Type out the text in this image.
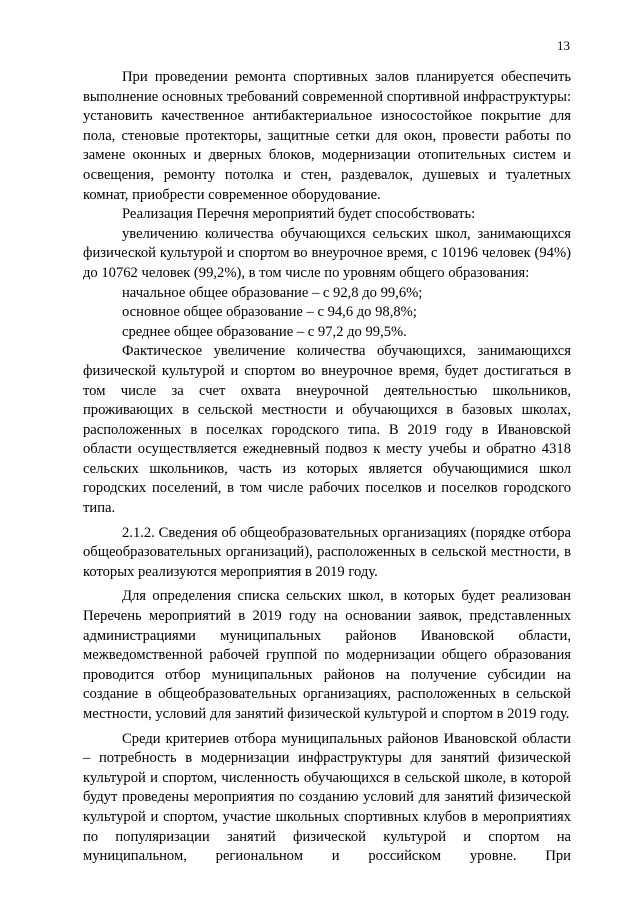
13

При проведении ремонта спортивных залов планируется обеспечить выполнение основных требований современной спортивной инфраструктуры: установить качественное антибактериальное износостойкое покрытие для пола, стеновые протекторы, защитные сетки для окон, провести работы по замене оконных и дверных блоков, модернизации отопительных систем и освещения, ремонту потолка и стен, раздевалок, душевых и туалетных комнат, приобрести современное оборудование.

Реализация Перечня мероприятий будет способствовать:

увеличению количества обучающихся сельских школ, занимающихся физической культурой и спортом во внеурочное время, с 10196 человек (94%) до 10762 человек (99,2%), в том числе по уровням общего образования:

начальное общее образование – с 92,8 до 99,6%;

основное общее образование – с 94,6 до 98,8%;

среднее общее образование – с 97,2 до 99,5%.

Фактическое увеличение количества обучающихся, занимающихся физической культурой и спортом во внеурочное время, будет достигаться в том числе за счет охвата внеурочной деятельностью школьников, проживающих в сельской местности и обучающихся в базовых школах, расположенных в поселках городского типа. В 2019 году в Ивановской области осуществляется ежедневный подвоз к месту учебы и обратно 4318 сельских школьников, часть из которых является обучающимися школ городских поселений, в том числе рабочих поселков и поселков городского типа.

2.1.2. Сведения об общеобразовательных организациях (порядке отбора общеобразовательных организаций), расположенных в сельской местности, в которых реализуются мероприятия в 2019 году.

Для определения списка сельских школ, в которых будет реализован Перечень мероприятий в 2019 году на основании заявок, представленных администрациями муниципальных районов Ивановской области, межведомственной рабочей группой по модернизации общего образования проводится отбор муниципальных районов на получение субсидии на создание в общеобразовательных организациях, расположенных в сельской местности, условий для занятий физической культурой и спортом в 2019 году.

Среди критериев отбора муниципальных районов Ивановской области – потребность в модернизации инфраструктуры для занятий физической культурой и спортом, численность обучающихся в сельской школе, в которой будут проведены мероприятия по созданию условий для занятий физической культурой и спортом, участие школьных спортивных клубов в мероприятиях по популяризации занятий физической культурой и спортом на муниципальном, региональном и российском уровне. При
